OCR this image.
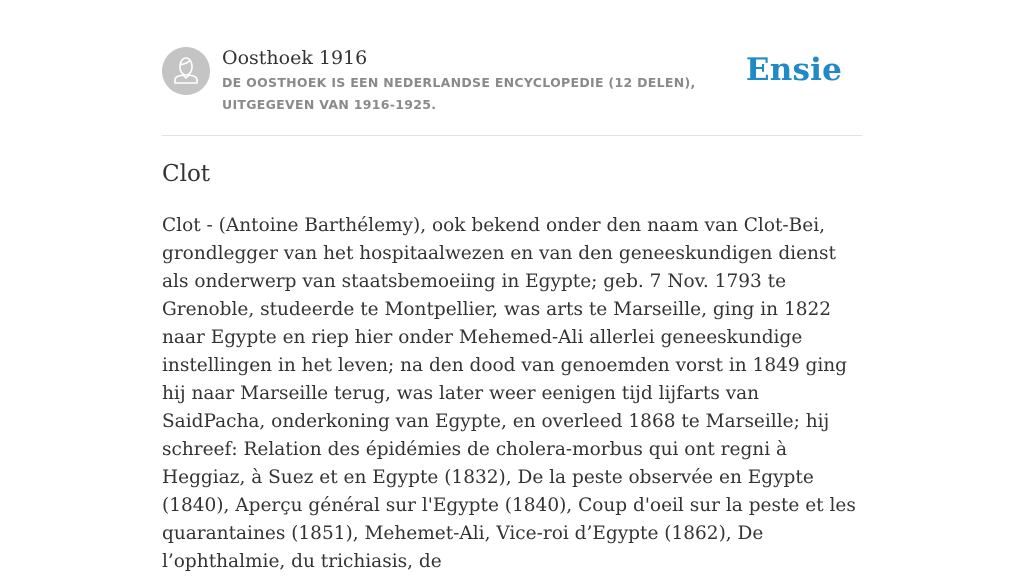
Oosthoek 1916
DE OOSTHOEK IS EEN NEDERLANDSE ENCYCLOPEDIE (12 DELEN), UITGEGEVEN VAN 1916-1925.
Ensie
Clot

Clot - (Antoine Barthélemy), ook bekend onder den naam van Clot-Bei, grondlegger van het hospitaalwezen en van den geneeskundigen dienst als onderwerp van staatsbemoeiing in Egypte; geb. 7 Nov. 1793 te Grenoble, studeerde te Montpellier, was arts te Marseille, ging in 1822 naar Egypte en riep hier onder Mehemed-Ali allerlei geneeskundige instellingen in het leven; na den dood van genoemden vorst in 1849 ging hij naar Marseille terug, was later weer eenigen tijd lijfarts van SaidPacha, onderkoning van Egypte, en overleed 1868 te Marseille; hij schreef: Relation des épidémies de cholera-morbus qui ont regni à Heggiaz, à Suez et en Egypte (1832), De la peste observée en Egypte (1840), Aperçu général sur l'Egypte (1840), Coup d'oeil sur la peste et les quarantaines (1851), Mehemet-Ali, Vice-roi d’Egypte (1862), De l’ophthalmie, du trichiasis, de
